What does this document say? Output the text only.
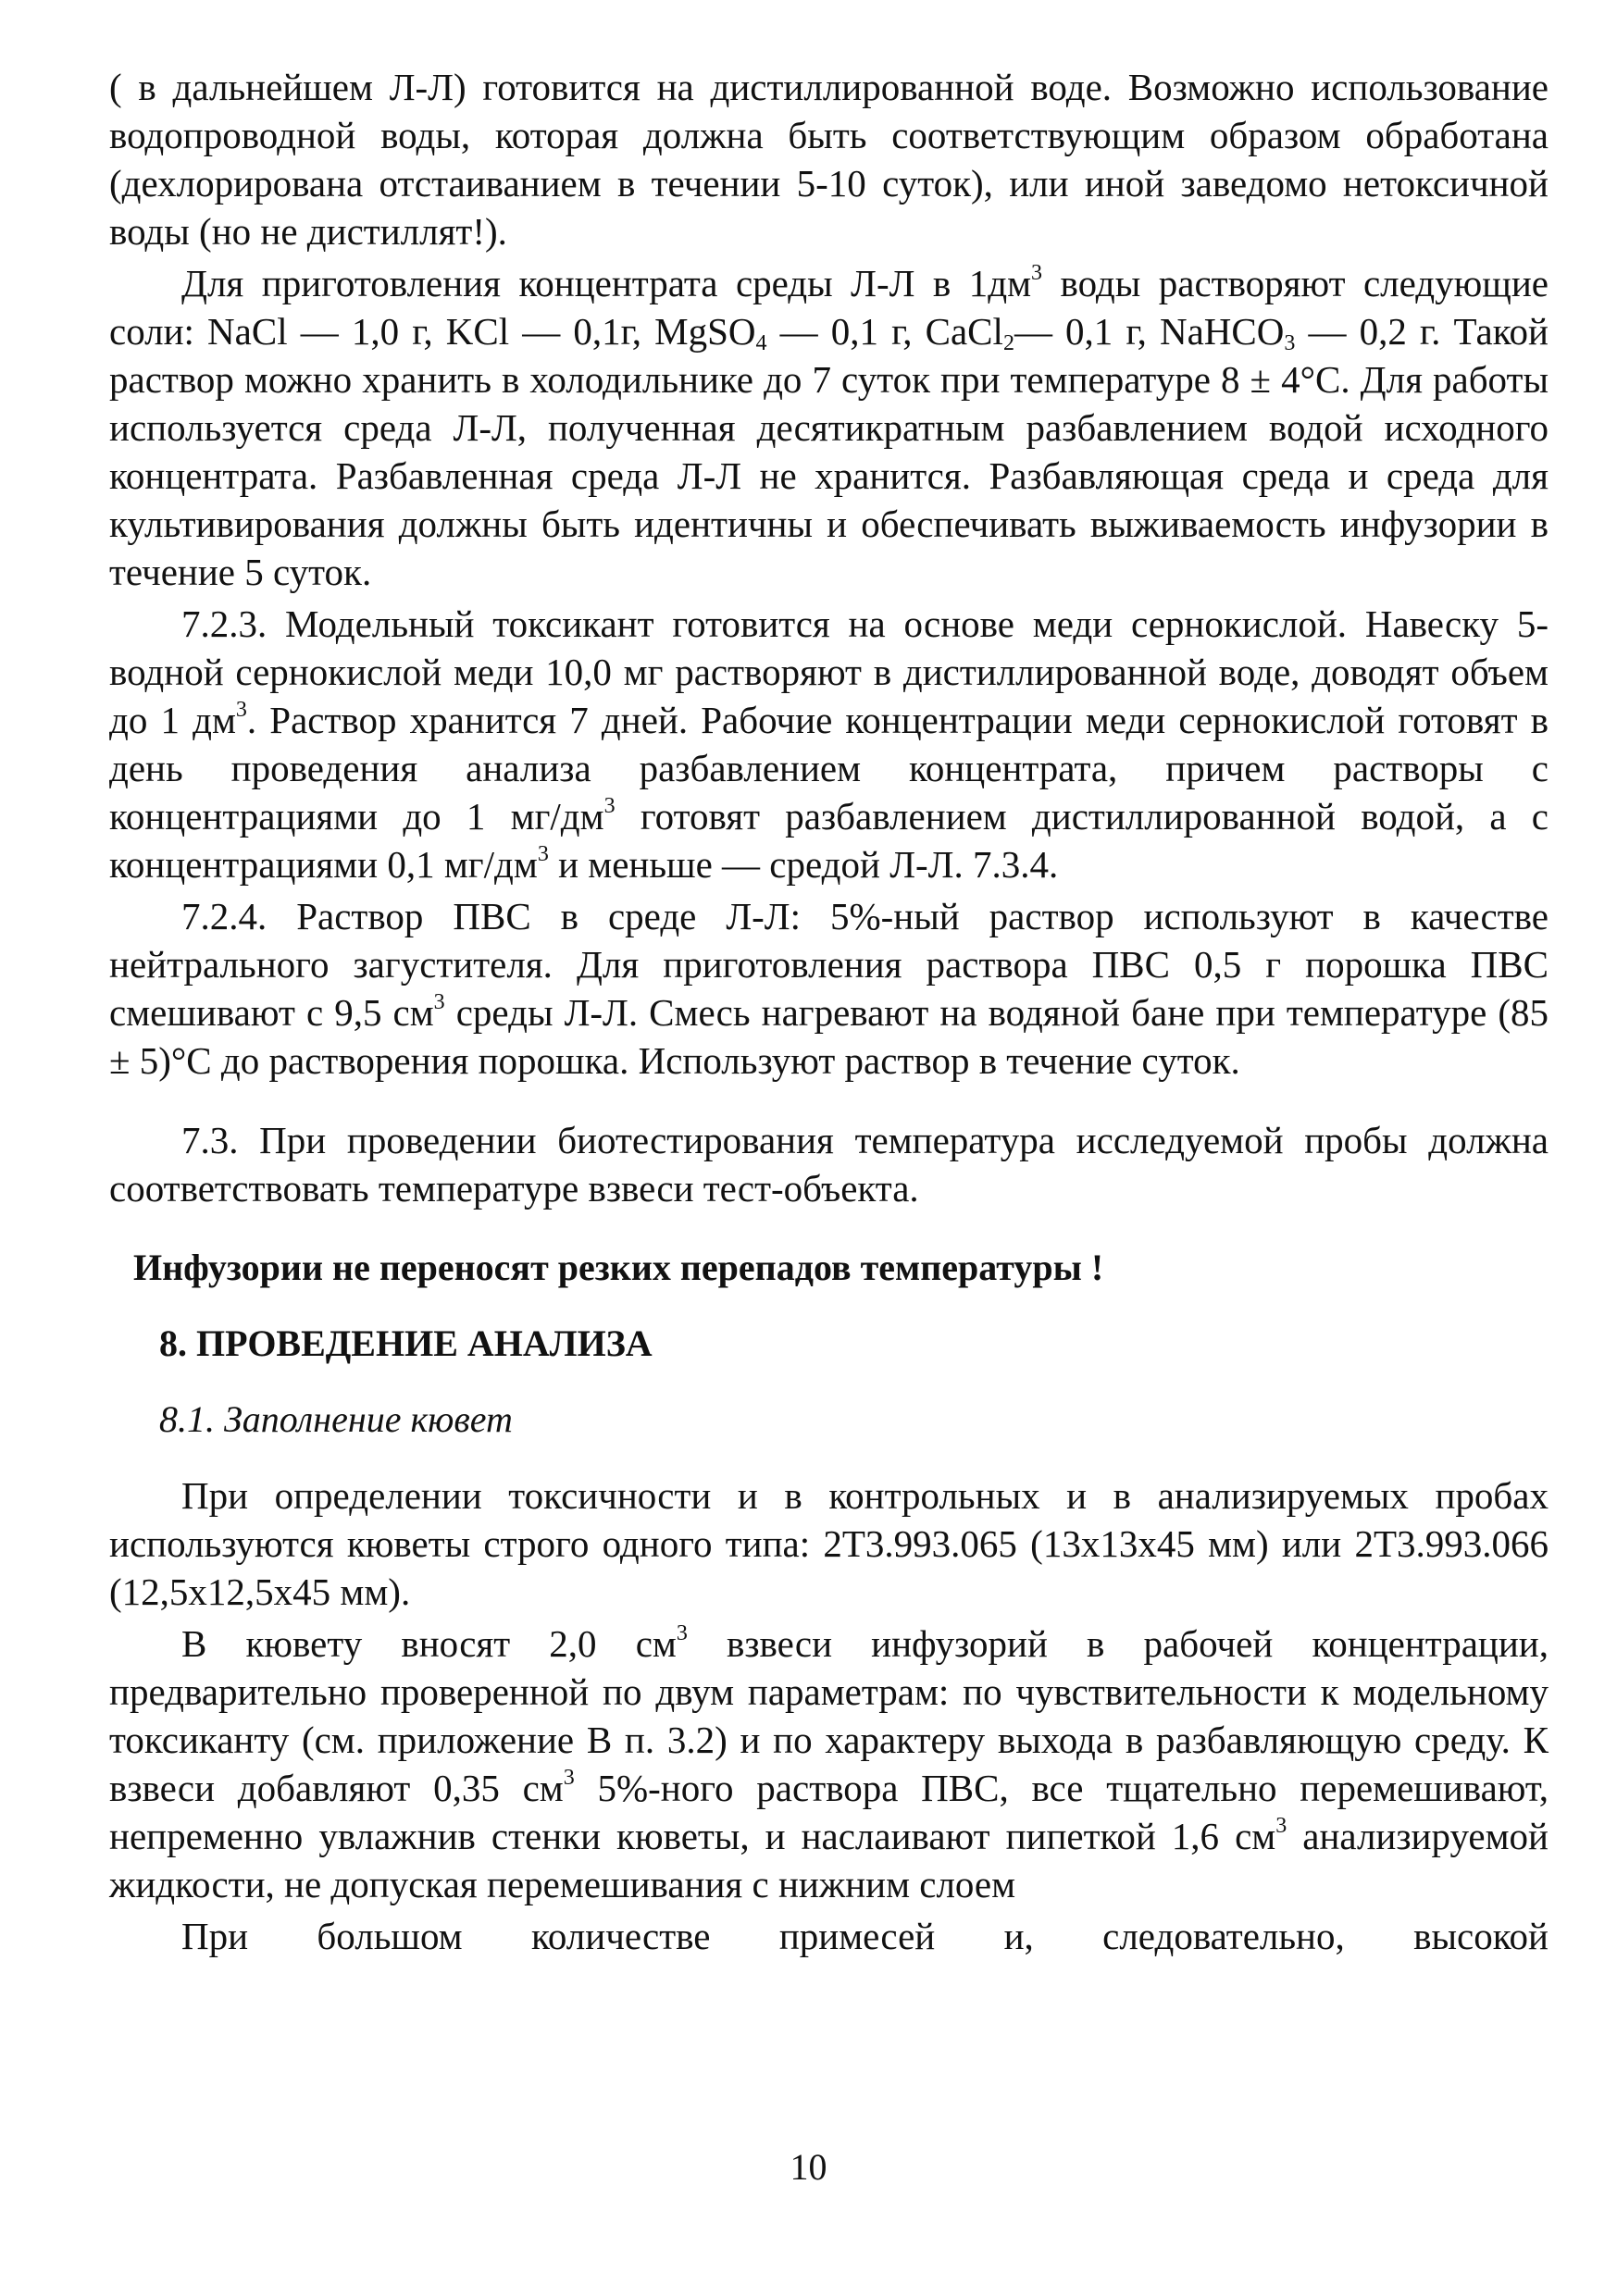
( в дальнейшем Л-Л) готовится на дистиллированной воде. Возможно использование водопроводной воды, которая должна быть соответствующим образом обработана (дехлорирована отстаиванием в течении 5-10 суток), или иной заведомо нетоксичной воды (но не дистиллят!).

Для приготовления концентрата среды Л-Л в $1дм^3$ воды растворяют следующие соли: NaCl — 1,0 г, KCl — 0,1г, MgSO$_4$ — 0,1 г, CaCl$_2$— 0,1 г, NaHCO$_3$ — 0,2 г. Такой раствор можно хранить в холодильнике до 7 суток при температуре 8 ± 4°С. Для работы используется среда Л-Л, полученная десятикратным разбавлением водой исходного концентрата. Разбавленная среда Л-Л не хранится. Разбавляющая среда и среда для культивирования должны быть идентичны и обеспечивать выживаемость инфузории в течение 5 суток.

7.2.3. Модельный токсикант готовится на основе меди сернокислой. Навеску 5-водной сернокислой меди 10,0 мг растворяют в дистиллированной воде, доводят объем до 1 $дм^3$. Раствор хранится 7 дней. Рабочие концентрации меди сернокислой готовят в день проведения анализа разбавлением концентрата, причем растворы с концентрациями до 1 $мг/дм^3$ готовят разбавлением дистиллированной водой, а с концентрациями 0,1 $мг/дм^3$ и меньше — средой Л-Л. 7.3.4.

7.2.4. Раствор ПВС в среде Л-Л: 5%-ный раствор используют в качестве нейтрального загустителя. Для приготовления раствора ПВС 0,5 г порошка ПВС смешивают с 9,5 $см^3$ среды Л-Л. Смесь нагревают на водяной бане при температуре (85 ± 5)°С до растворения порошка. Используют раствор в течение суток.

7.3. При проведении биотестирования температура исследуемой пробы должна соответствовать температуре взвеси тест-объекта.

Инфузории не переносят резких перепадов температуры !

8. ПРОВЕДЕНИЕ АНАЛИЗА

8.1. Заполнение кювет

При определении токсичности и в контрольных и в анализируемых пробах используются кюветы строго одного типа: 2Т3.993.065 (13х13х45 мм) или 2Т3.993.066 (12,5х12,5х45 мм).

В кювету вносят 2,0 $см^3$ взвеси инфузорий в рабочей концентрации, предварительно проверенной по двум параметрам: по чувствительности к модельному токсиканту (см. приложение В п. 3.2) и по характеру выхода в разбавляющую среду. К взвеси добавляют 0,35 $см^3$ 5%-ного раствора ПВС, все тщательно перемешивают, непременно увлажнив стенки кюветы, и наслаивают пипеткой 1,6 $см^3$ анализируемой жидкости, не допуская перемешивания с нижним слоем

При большом количестве примесей и, следовательно, высокой

10
